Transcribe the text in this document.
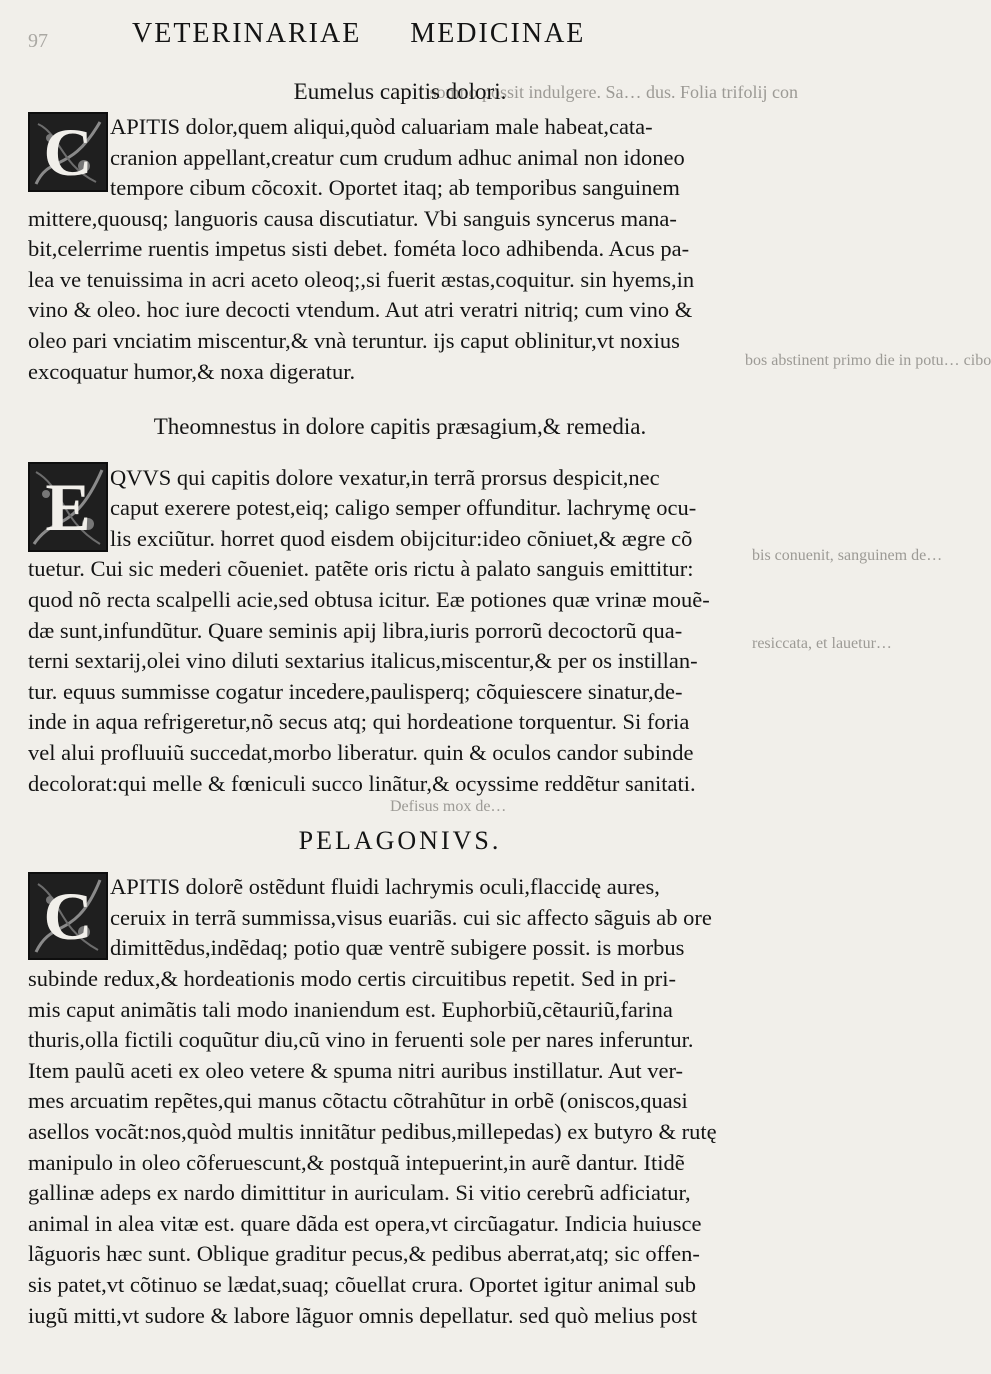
97	VETERINARIAE MEDICINAE
somno possit indulgere. Sa… dus. Folia trifolij con
bos abstinent primo die in potu… cibo
bis conuenit, sanguinem de…
resiccata, et lauetur…
Defisus mox de…
Eumelus capitis dolori.
C APITIS dolor,quem aliqui,quòd caluariam male habeat,cata-
cranion appellant,creatur cum crudum adhuc animal non idoneo
tempore cibum cõcoxit. Oportet itaq; ab temporibus sanguinem
mittere,quousq; languoris causa discutiatur. Vbi sanguis syncerus mana-
bit,celerrime ruentis impetus sisti debet. fométa loco adhibenda. Acus pa-
lea ve tenuissima in acri aceto oleoq;,si fuerit æstas,coquitur. sin hyems,in
vino & oleo. hoc iure decocti vtendum. Aut atri veratri nitriq; cum vino &
oleo pari vnciatim miscentur,& vnà teruntur. ijs caput oblinitur,vt noxius
excoquatur humor,& noxa digeratur.
Theomnestus in dolore capitis præsagium,& remedia.
E QVVS qui capitis dolore vexatur,in terrã prorsus despicit,nec
caput exerere potest,eiq; caligo semper offunditur. lachrymę ocu-
lis exciũtur. horret quod eisdem obijcitur:ideo cõniuet,& ægre cõ
tuetur. Cui sic mederi cõueniet. patẽte oris rictu à palato sanguis emittitur:
quod nõ recta scalpelli acie,sed obtusa icitur. Eæ potiones quæ vrinæ mouẽ-
dæ sunt,infundũtur. Quare seminis apij libra,iuris porrorũ decoctorũ qua-
terni sextarij,olei vino diluti sextarius italicus,miscentur,& per os instillan-
tur. equus summisse cogatur incedere,paulisperq; cõquiescere sinatur,de-
inde in aqua refrigeretur,nõ secus atq; qui hordeatione torquentur. Si foria
vel alui profluuiũ succedat,morbo liberatur. quin & oculos candor subinde
decolorat:qui melle & fœniculi succo linãtur,& ocyssime reddẽtur sanitati.
PELAGONIVS.
C APITIS dolorẽ ostẽdunt fluidi lachrymis oculi,flaccidę aures,
ceruix in terrã summissa,visus euariãs. cui sic affecto sãguis ab ore
dimittẽdus,indẽdaq; potio quæ ventrẽ subigere possit. is morbus
subinde redux,& hordeationis modo certis circuitibus repetit. Sed in pri-
mis caput animãtis tali modo inaniendum est. Euphorbiũ,cẽtauriũ,farina
thuris,olla fictili coquũtur diu,cũ vino in feruenti sole per nares inferuntur.
Item paulũ aceti ex oleo vetere & spuma nitri auribus instillatur. Aut ver-
mes arcuatim repẽtes,qui manus cõtactu cõtrahũtur in orbẽ (oniscos,quasi
asellos vocãt:nos,quòd multis innitãtur pedibus,millepedas) ex butyro & rutę
manipulo in oleo cõferuescunt,& postquã intepuerint,in aurẽ dantur. Itidẽ
gallinæ adeps ex nardo dimittitur in auriculam. Si vitio cerebrũ adficiatur,
animal in alea vitæ est. quare dãda est opera,vt circũagatur. Indicia huiusce
lãguoris hæc sunt. Oblique graditur pecus,& pedibus aberrat,atq; sic offen-
sis patet,vt cõtinuo se lædat,suaq; cõuellat crura. Oportet igitur animal sub
iugũ mitti,vt sudore & labore lãguor omnis depellatur. sed quò melius post
